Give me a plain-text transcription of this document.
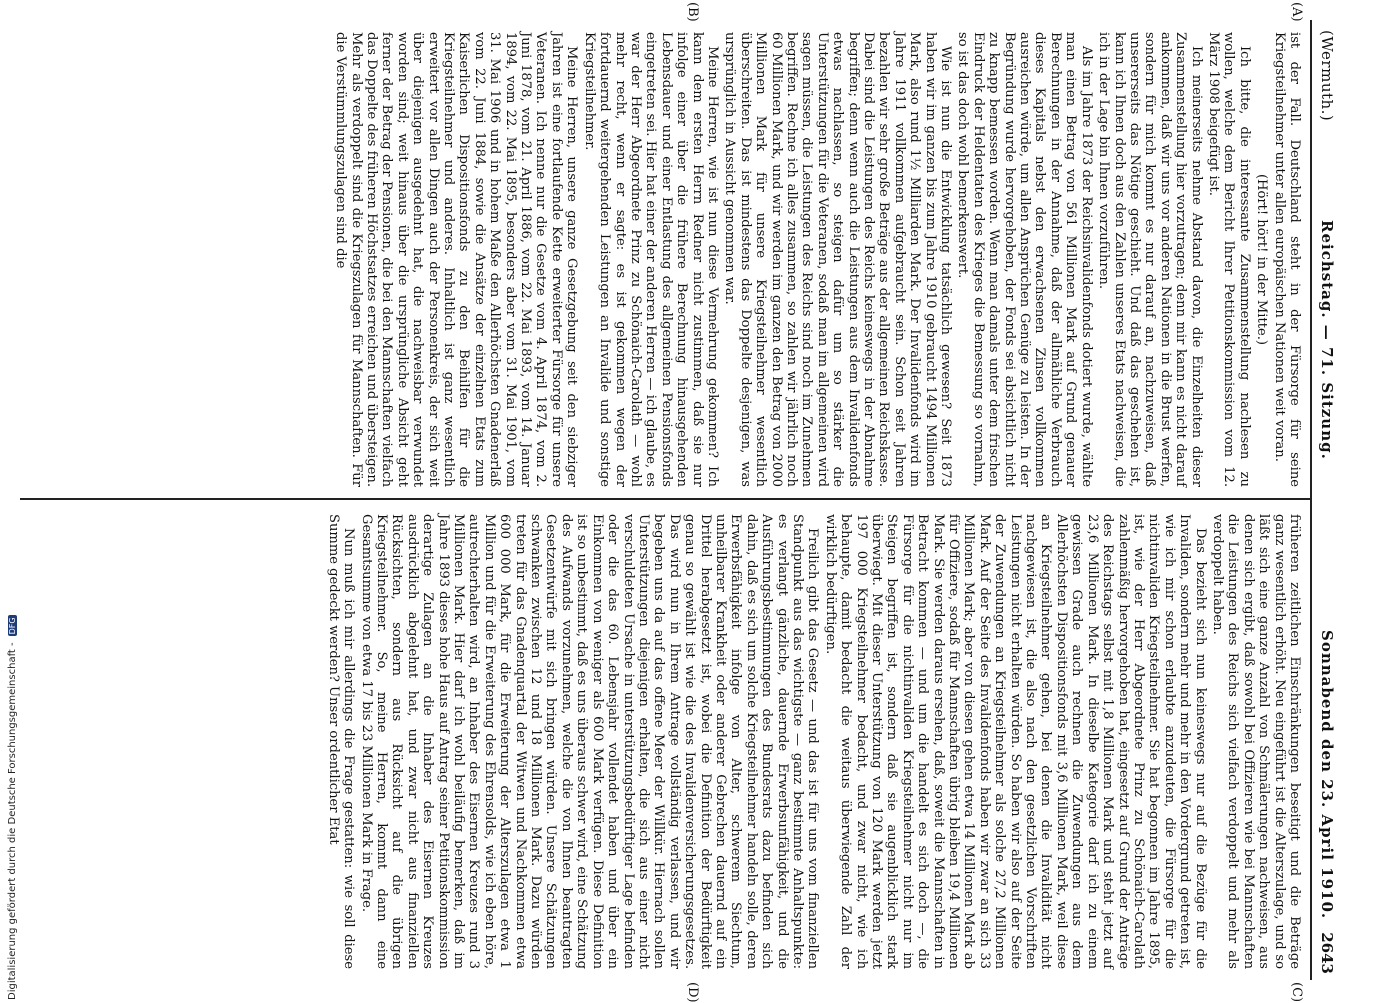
(Wermuth.)
Reichstag. — 71. Sitzung.
Sonnabend den 23. April 1910.
2643
(A)
(B)
(C)
(D)

ist der Fall. Deutschland steht in der Fürsorge für seine Kriegsteilnehmer unter allen europäischen Nationen weit voran.

(Hört! hört! in der Mitte.)

Ich bitte, die interessante Zusammenstellung nachlesen zu wollen, welche dem Bericht Ihrer Petitionskommission vom 12. März 1908 beigefügt ist.

Ich meinerseits nehme Abstand davon, die Einzelheiten dieser Zusammenstellung hier vorzutragen; denn mir kann es nicht darauf ankommen, daß wir uns vor anderen Nationen in die Brust werfen, sondern für mich kommt es nur darauf an, nachzuweisen, daß unsererseits das Nötige geschieht. Und daß das geschehen ist, kann ich Ihnen doch aus den Zahlen unseres Etats nachweisen, die ich in der Lage bin Ihnen vorzuführen.

Als im Jahre 1873 der Reichsinvalidenfonds dotiert wurde, wählte man einen Betrag von 561 Millionen Mark auf Grund genauer Berechnungen in der Annahme, daß der allmähliche Verbrauch dieses Kapitals nebst den erwachsenen Zinsen vollkommen ausreichen würde, um allen Ansprüchen Genüge zu leisten. In der Begründung wurde hervorgehoben, der Fonds sei absichtlich nicht zu knapp bemessen worden. Wenn man damals unter dem frischen Eindruck der Heldentaten des Krieges die Bemessung so vornahm, so ist das doch wohl bemerkenswert.

Wie ist nun die Entwicklung tatsächlich gewesen? Seit 1873 haben wir im ganzen bis zum Jahre 1910 gebraucht 1494 Millionen Mark, also rund 1½ Milliarden Mark. Der Invalidenfonds wird im Jahre 1911 vollkommen aufgebraucht sein. Schon seit Jahren bezahlen wir sehr große Beträge aus der allgemeinen Reichskasse. Dabei sind die Leistungen des Reichs keineswegs in der Abnahme begriffen; denn wenn auch die Leistungen aus dem Invalidenfonds etwas nachlassen, so steigen dafür um so stärker die Unterstützungen für die Veteranen, sodaß man im allgemeinen wird sagen müssen, die Leistungen des Reichs sind noch im Zunehmen begriffen. Rechne ich alles zusammen, so zahlen wir jährlich noch 60 Millionen Mark, und wir werden im ganzen den Betrag von 2000 Millionen Mark für unsere Kriegsteilnehmer wesentlich überschreiten. Das ist mindestens das Doppelte desjenigen, was ursprünglich in Aussicht genommen war.

Meine Herren, wie ist nun diese Vermehrung gekommen? Ich kann dem ersten Herrn Redner nicht zustimmen, daß sie nur infolge einer über die frühere Berechnung hinausgehenden Lebensdauer und einer Entlastung des allgemeinen Pensionsfonds eingetreten sei. Hier hat einer der anderen Herren — ich glaube, es war der Herr Abgeordnete Prinz zu Schönaich-Carolath — wohl mehr recht, wenn er sagte: es ist gekommen wegen der fortdauernd weitergehenden Leistungen an Invalide und sonstige Kriegsteilnehmer.

Meine Herren, unsere ganze Gesetzgebung seit den siebziger Jahren ist eine fortlaufende Kette erweiterter Fürsorge für unsere Veteranen. Ich nenne nur die Gesetze vom 4. April 1874, vom 2. Juni 1878, vom 21. April 1886, vom 22. Mai 1893, vom 14. Januar 1894, vom 22. Mai 1895, besonders aber vom 31. Mai 1901, vom 31. Mai 1906 und in hohem Maße den Allerhöchsten Gnadenerlaß vom 22. Juni 1884, sowie die Ansätze der einzelnen Etats zum Kaiserlichen Dispositionsfonds zu den Beihilfen für die Kriegsteilnehmer und anderes. Inhaltlich ist ganz wesentlich erweitert vor allen Dingen auch der Personenkreis, der sich weit über diejenigen ausgedehnt hat, die nachweisbar verwundet worden sind; weit hinaus über die ursprüngliche Absicht geht ferner der Betrag der Pensionen, die bei den Mannschaften vielfach das Doppelte des früheren Höchstsatzes erreichen und übersteigen. Mehr als verdoppelt sind die Kriegszulagen für Mannschaften. Für die Verstümmlungszulagen sind die

früheren zeitlichen Einschränkungen beseitigt und die Beträge ganz wesentlich erhöht. Neu eingeführt ist die Alterszulage, und so läßt sich eine ganze Anzahl von Schmälerungen nachweisen, aus denen sich ergibt, daß sowohl bei Offizieren wie bei Mannschaften die Leistungen des Reichs sich vielfach verdoppelt und mehr als verdoppelt haben.

Das bezieht sich nun keineswegs nur auf die Bezüge für die Invaliden, sondern mehr und mehr in den Vordergrund getreten ist, wie ich mir schon erlaubte anzudeuten, die Fürsorge für die nichtinvaliden Kriegsteilnehmer. Sie hat begonnen im Jahre 1895, ist, wie der Herr Abgeordnete Prinz zu Schönaich-Carolath zahlenmäßig hervorgehoben hat, eingesetzt auf Grund der Anträge des Reichstags selbst mit 1,8 Millionen Mark und steht jetzt auf 23,6 Millionen Mark. In dieselbe Kategorie darf ich zu einem gewissen Grade auch rechnen die Zuwendungen aus dem Allerhöchsten Dispositionsfonds mit 3,6 Millionen Mark, weil diese an Kriegsteilnehmer gehen, bei denen die Invalidität nicht nachgewiesen ist, die also nach den gesetzlichen Vorschriften Leistungen nicht erhalten würden. So haben wir also auf der Seite der Zuwendungen an Kriegsteilnehmer als solche 27,2 Millionen Mark. Auf der Seite des Invalidenfonds haben wir zwar an sich 33 Millionen Mark; aber von diesen gehen etwa 14 Millionen Mark ab für Offiziere, sodaß für Mannschaften übrig bleiben 19,4 Millionen Mark. Sie werden daraus ersehen, daß, soweit die Mannschaften in Betracht kommen — und um die handelt es sich doch —, die Fürsorge für die nichtinvaliden Kriegsteilnehmer nicht nur im Steigen begriffen ist, sondern daß sie augenblicklich stark überwiegt. Mit dieser Unterstützung von 120 Mark werden jetzt 197 000 Kriegsteilnehmer bedacht, und zwar nicht, wie ich behaupte, damit bedacht die weitaus überwiegende Zahl der wirklich bedürftigen.

Freilich gibt das Gesetz — und das ist für uns vom finanziellen Standpunkt aus das wichtigste — ganz bestimmte Anhaltspunkte: es verlangt gänzliche, dauernde Erwerbsunfähigkeit, und die Ausführungsbestimmungen des Bundesrats dazu befinden sich dahin, daß es sich um solche Kriegsteilnehmer handeln solle, deren Erwerbsfähigkeit infolge von Alter, schwerem Siechtum, unheilbarer Krankheit oder anderer Gebrechen dauernd auf ein Drittel herabgesetzt ist, wobei die Definition der Bedürftigkeit genau so gewählt ist wie die des Invalidenversicherungsgesetzes. Das wird nun in Ihrem Antrage vollständig verlassen, und wir begeben uns da auf das offene Meer der Willkür. Hiernach sollen Unterstützungen diejenigen erhalten, die sich aus einer nicht verschuldeten Ursache in unterstützungsbedürftiger Lage befinden oder die das 60. Lebensjahr vollendet haben und über ein Einkommen von weniger als 600 Mark verfügen. Diese Definition ist so unbestimmt, daß es uns überaus schwer wird, eine Schätzung des Aufwands vorzunehmen, welche die von Ihnen beantragten Gesetzentwürfe mit sich bringen würden. Unsere Schätzungen schwanken zwischen 12 und 18 Millionen Mark. Dazu würden treten für das Gnadenquartal der Witwen und Nachkommen etwa 600 000 Mark, für die Erweiterung der Alterszulagen etwa 1 Million und für die Erweiterung des Ehrensolds, wie ich eben höre, autrechterhalten wird, an Inhaber des Eisernen Kreuzes rund 3 Millionen Mark. Hier darf ich wohl beiläufig bemerken, daß im Jahre 1893 dieses hohe Haus auf Antrag seiner Petitionskommission derartige Zulagen an die Inhaber des Eisernen Kreuzes ausdrücklich abgelehnt hat, und zwar nicht aus finanziellen Rücksichten, sondern aus Rücksicht auf die übrigen Kriegsteilnehmer. So, meine Herren, kommt dann eine Gesamtsumme von etwa 17 bis 23 Millionen Mark in Frage.

Nun muß ich mir allerdings die Frage gestatten: wie soll diese Summe gedeckt werden? Unser ordentlicher Etat

Digitalisierung gefördert durch die Deutsche Forschungsgemeinschaft -DFG
